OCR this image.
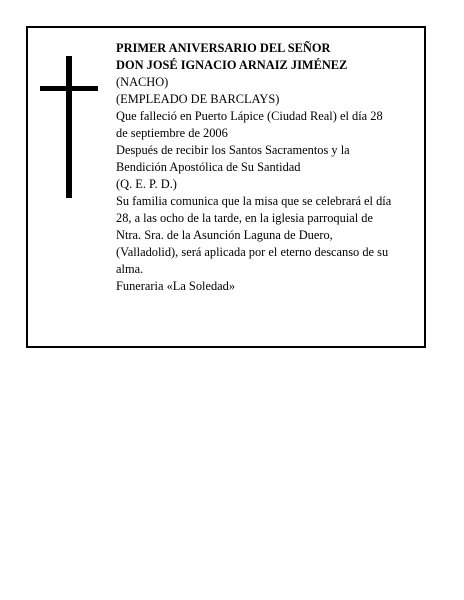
PRIMER ANIVERSARIO DEL SEÑOR
DON JOSÉ IGNACIO ARNAIZ JIMÉNEZ
(NACHO)
(EMPLEADO DE BARCLAYS)
Que falleció en Puerto Lápice (Ciudad Real) el día 28
de septiembre de 2006
Después de recibir los Santos Sacramentos y la
Bendición Apostólica de Su Santidad
(Q. E. P. D.)
Su familia comunica que la misa que se celebrará el día
28, a las ocho de la tarde, en la iglesia parroquial de
Ntra. Sra. de la Asunción Laguna de Duero,
(Valladolid), será aplicada por el eterno descanso de su
alma.
Funeraria «La Soledad»
